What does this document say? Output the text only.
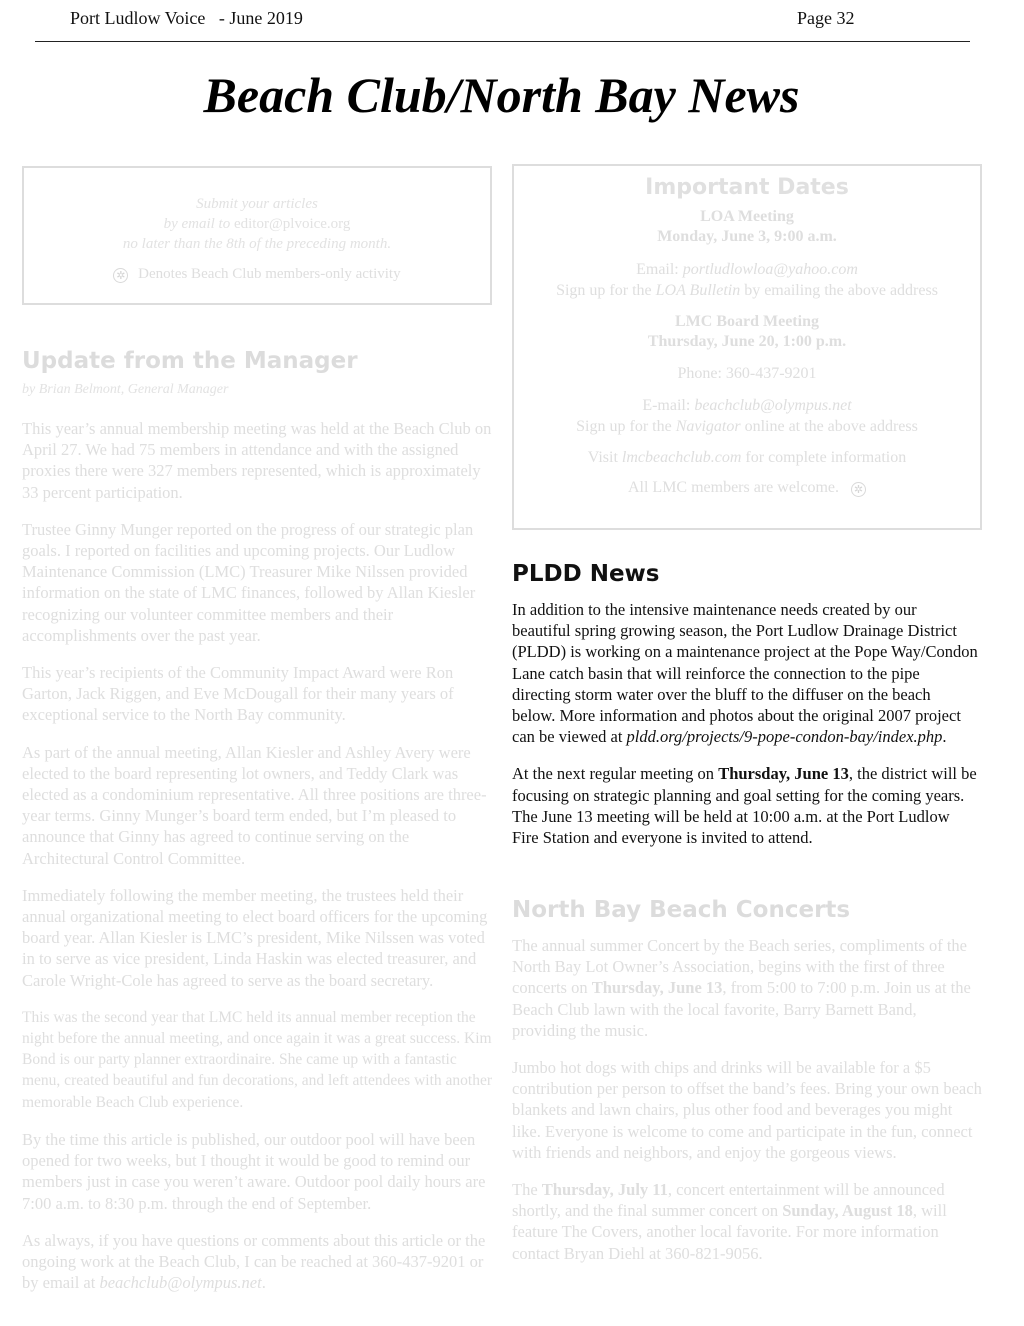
Port Ludlow Voice   - June 2019	Page 32
Beach Club/North Bay News
Submit your articles
by email to editor@plvoice.org
no later than the 8th of the preceding month.
✲ Denotes Beach Club members-only activity
Important Dates
LOA Meeting
Monday, June 3, 9:00 a.m.
Email: portludlowloa@yahoo.com
Sign up for the LOA Bulletin by emailing the above address
LMC Board Meeting
Thursday, June 20, 1:00 p.m.
Phone: 360-437-9201
E-mail: beachclub@olympus.net
Sign up for the Navigator online at the above address
Visit lmcbeachclub.com for complete information
All LMC members are welcome. ✲
Update from the Manager
by Brian Belmont, General Manager

This year’s annual membership meeting was held at the Beach Club on April 27. We had 75 members in attendance and with the assigned proxies there were 327 members represented, which is approximately 33 percent participation.

Trustee Ginny Munger reported on the progress of our strategic plan goals. I reported on facilities and upcoming projects. Our Ludlow Maintenance Commission (LMC) Treasurer Mike Nilssen provided information on the state of LMC finances, followed by Allan Kiesler recognizing our volunteer committee members and their accomplishments over the past year.

This year’s recipients of the Community Impact Award were Ron Garton, Jack Riggen, and Eve McDougall for their many years of exceptional service to the North Bay community.

As part of the annual meeting, Allan Kiesler and Ashley Avery were elected to the board representing lot owners, and Teddy Clark was elected as a condominium representative. All three positions are three-year terms. Ginny Munger’s board term ended, but I’m pleased to announce that Ginny has agreed to continue serving on the Architectural Control Committee.

Immediately following the member meeting, the trustees held their annual organizational meeting to elect board officers for the upcoming board year. Allan Kiesler is LMC’s president, Mike Nilssen was voted in to serve as vice president, Linda Haskin was elected treasurer, and Carole Wright-Cole has agreed to serve as the board secretary.

This was the second year that LMC held its annual member reception the night before the annual meeting, and once again it was a great success. Kim Bond is our party planner extraordinaire. She came up with a fantastic menu, created beautiful and fun decorations, and left attendees with another memorable Beach Club experience.

By the time this article is published, our outdoor pool will have been opened for two weeks, but I thought it would be good to remind our members just in case you weren’t aware. Outdoor pool daily hours are 7:00 a.m. to 8:30 p.m. through the end of September.

As always, if you have questions or comments about this article or the ongoing work at the Beach Club, I can be reached at 360-437-9201 or by email at beachclub@olympus.net.

PLDD News

In addition to the intensive maintenance needs created by our beautiful spring growing season, the Port Ludlow Drainage District (PLDD) is working on a maintenance project at the Pope Way/Condon Lane catch basin that will reinforce the connection to the pipe directing storm water over the bluff to the diffuser on the beach below. More information and photos about the original 2007 project can be viewed at pldd.org/projects/9-pope-condon-bay/index.php.

At the next regular meeting on Thursday, June 13, the district will be focusing on strategic planning and goal setting for the coming years. The June 13 meeting will be held at 10:00 a.m. at the Port Ludlow Fire Station and everyone is invited to attend.

North Bay Beach Concerts

The annual summer Concert by the Beach series, compliments of the North Bay Lot Owner’s Association, begins with the first of three concerts on Thursday, June 13, from 5:00 to 7:00 p.m. Join us at the Beach Club lawn with the local favorite, Barry Barnett Band, providing the music.

Jumbo hot dogs with chips and drinks will be available for a $5 contribution per person to offset the band’s fees. Bring your own beach blankets and lawn chairs, plus other food and beverages you might like. Everyone is welcome to come and participate in the fun, connect with friends and neighbors, and enjoy the gorgeous views.

The Thursday, July 11, concert entertainment will be announced shortly, and the final summer concert on Sunday, August 18, will feature The Covers, another local favorite. For more information contact Bryan Diehl at 360-821-9056.
